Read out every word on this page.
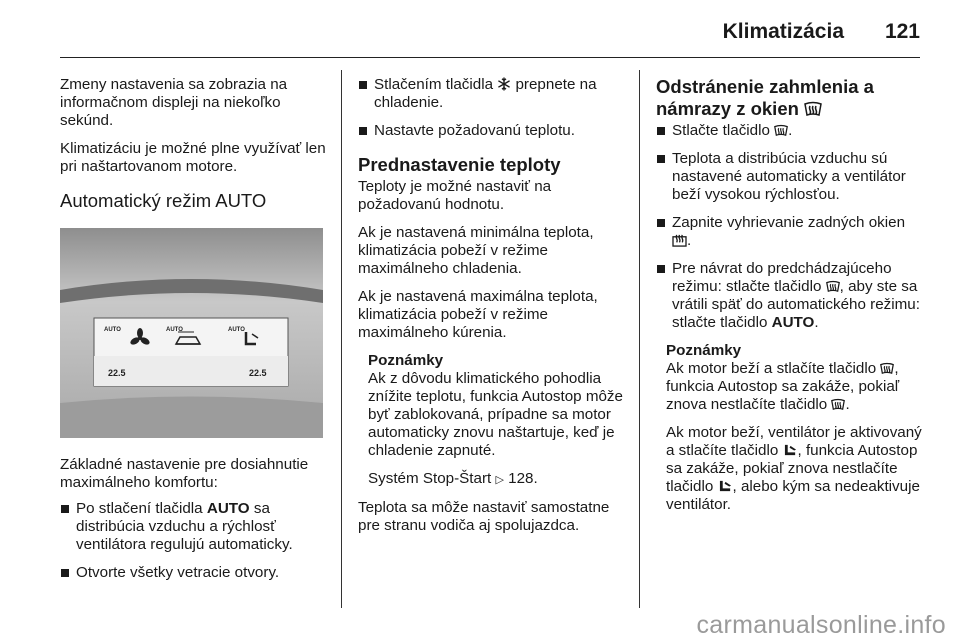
Klimatizácia 121

Zmeny nastavenia sa zobrazia na informačnom displeji na niekoľko sekúnd.

Klimatizáciu je možné plne využívať len pri naštartovanom motore.

Automatický režim AUTO
AUTO	AUTO	AUTO
22.5	22.5

Základné nastavenie pre dosiahnutie maximálneho komfortu:

Po stlačení tlačidla AUTO sa distribúcia vzduchu a rýchlosť ventilátora regulujú automaticky.
Otvorte všetky vetracie otvory.
Stlačením tlačidla  prepnete na chladenie.
Nastavte požadovanú teplotu.
Prednastavenie teploty

Teploty je možné nastaviť na požadovanú hodnotu.

Ak je nastavená minimálna teplota, klimatizácia pobeží v režime maximálneho chladenia.

Ak je nastavená maximálna teplota, klimatizácia pobeží v režime maximálneho kúrenia.

Poznámky

Ak z dôvodu klimatického pohodlia znížite teplotu, funkcia Autostop môže byť zablokovaná, prípadne sa motor automaticky znovu naštartuje, keď je chladenie zapnuté.

Systém Stop-Štart ▷ 128.

Teplota sa môže nastaviť samostatne pre stranu vodiča aj spolujazdca.

Odstránenie zahmlenia a námrazy z okien
Stlačte tlačidlo .
Teplota a distribúcia vzduchu sú nastavené automaticky a ventilátor beží vysokou rýchlosťou.
Zapnite vyhrievanie zadných okien .
Pre návrat do predchádzajúceho režimu: stlačte tlačidlo , aby ste sa vrátili späť do automatického režimu: stlačte tlačidlo AUTO.

Poznámky

Ak motor beží a stlačíte tlačidlo , funkcia Autostop sa zakáže, pokiaľ znova nestlačíte tlačidlo .

Ak motor beží, ventilátor je aktivovaný a stlačíte tlačidlo , funkcia Autostop sa zakáže, pokiaľ znova nestlačíte tlačidlo , alebo kým sa nedeaktivuje ventilátor.

carmanualsonline.info
